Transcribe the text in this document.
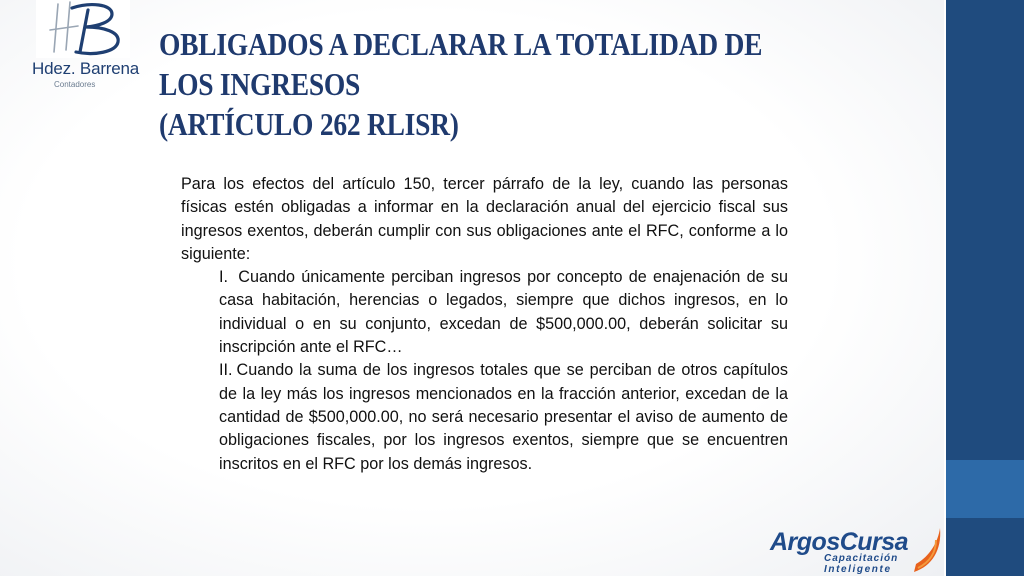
Hdez. Barrena
Contadores
OBLIGADOS A DECLARAR LA TOTALIDAD DE
LOS INGRESOS
(ARTÍCULO 262 RLISR)

Para los efectos del artículo 150, tercer párrafo de la ley, cuando las personas físicas estén obligadas a informar en la declaración anual del ejercicio fiscal sus ingresos exentos, deberán cumplir con sus obligaciones ante el RFC, conforme a lo siguiente:

I. Cuando únicamente perciban ingresos por concepto de enajenación de su casa habitación, herencias o legados, siempre que dichos ingresos, en lo individual o en su conjunto, excedan de $500,000.00, deberán solicitar su inscripción ante el RFC…

II. Cuando la suma de los ingresos totales que se perciban de otros capítulos de la ley más los ingresos mencionados en la fracción anterior, excedan de la cantidad de $500,000.00, no será necesario presentar el aviso de aumento de obligaciones fiscales, por los ingresos exentos, siempre que se encuentren inscritos en el RFC por los demás ingresos.

ArgosCursa
Capacitación
Inteligente
